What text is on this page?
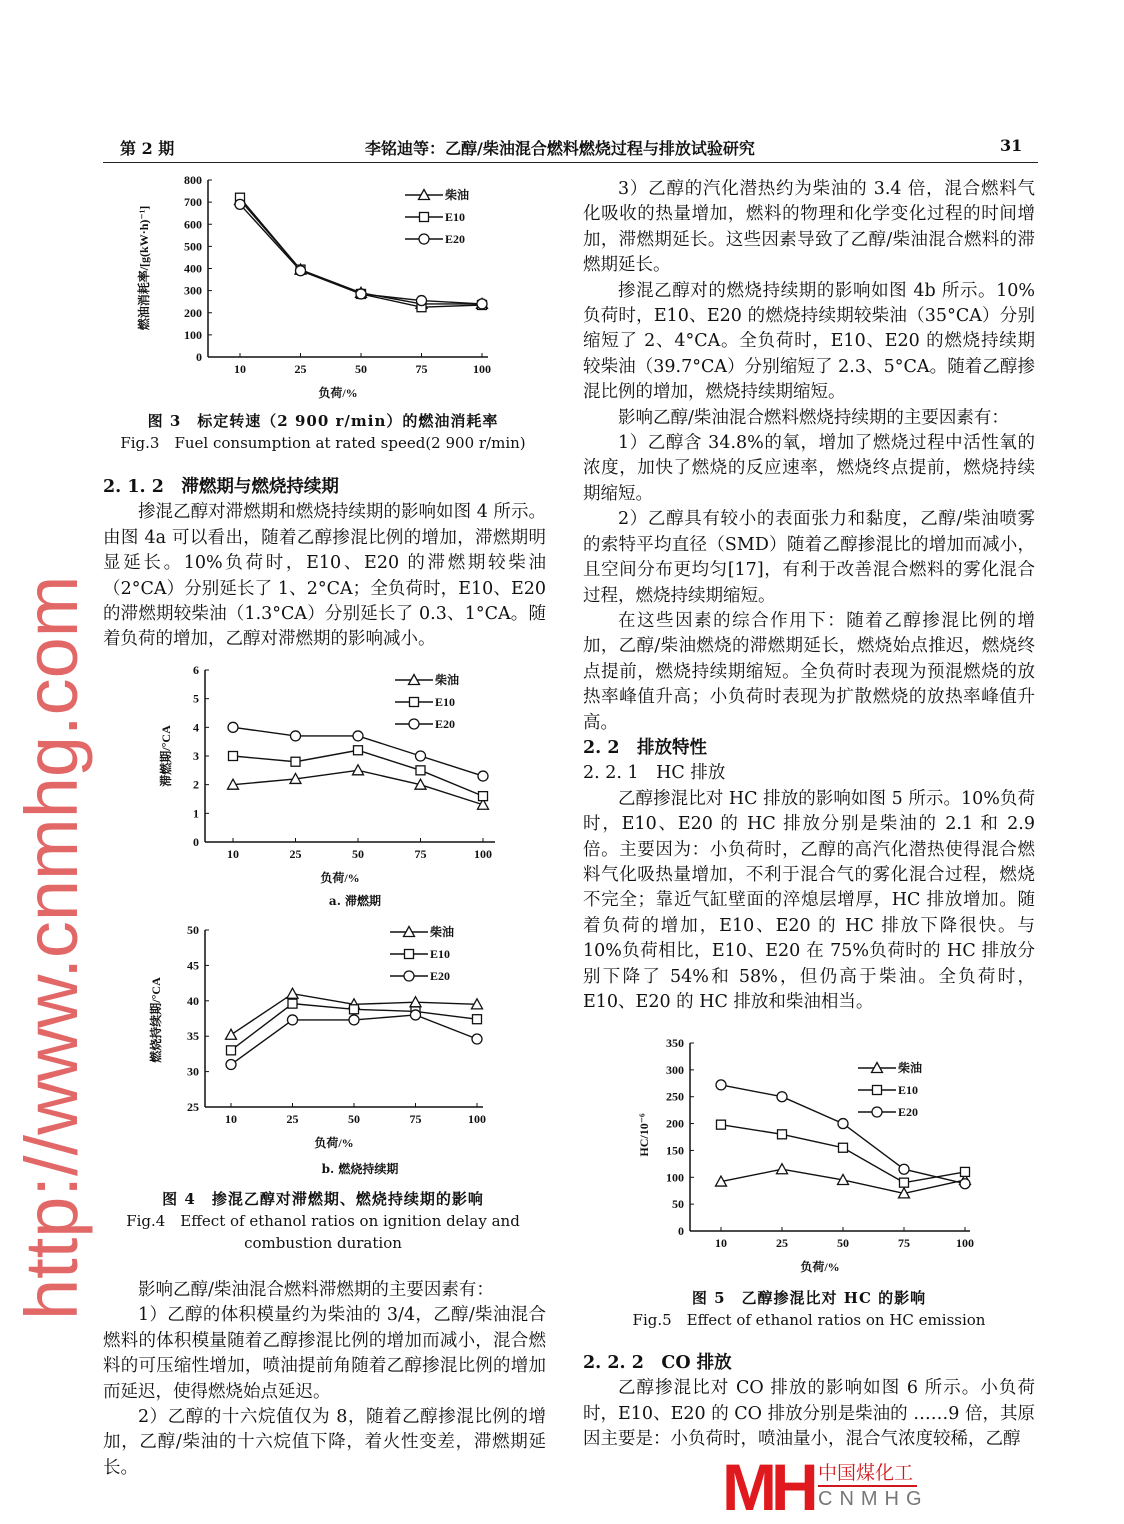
第 2 期	李铭迪等：乙醇/柴油混合燃料燃烧过程与排放试验研究	31
0
100
200
300
400
500
600
700
800
10	25	50	75	100
负荷/%
燃油消耗率/[g(kW·h)⁻¹]
柴油
E10
E20
0
1
2
3
4
5
6
10	25	50	75	100
负荷/%
滞燃期/°CA
柴油
E10
E20
25
30
35
40
45
50
10	25	50	75	100
负荷/%
燃烧持续期/°CA
柴油
E10
E20
0
50
100
150
200
250
300
350
10	25	50	75	100
负荷/%
HC/10⁻⁶
柴油
E10
E20
图 3　标定转速（2 900 r/min）的燃油消耗率
Fig.3　Fuel consumption at rated speed(2 900 r/min)
a. 滞燃期
b. 燃烧持续期
图 4　掺混乙醇对滞燃期、燃烧持续期的影响
Fig.4　Effect of ethanol ratios on ignition delay and combustion duration
图 5　乙醇掺混比对 HC 的影响
Fig.5　Effect of ethanol ratios on HC emission

2. 1. 2　滞燃期与燃烧持续期

掺混乙醇对滞燃期和燃烧持续期的影响如图 4 所示。由图 4a 可以看出，随着乙醇掺混比例的增加，滞燃期明显延长。10%负荷时，E10、E20 的滞燃期较柴油（2°CA）分别延长了 1、2°CA；全负荷时，E10、E20 的滞燃期较柴油（1.3°CA）分别延长了 0.3、1°CA。随着负荷的增加，乙醇对滞燃期的影响减小。

影响乙醇/柴油混合燃料滞燃期的主要因素有：

1）乙醇的体积模量约为柴油的 3/4，乙醇/柴油混合燃料的体积模量随着乙醇掺混比例的增加而减小，混合燃料的可压缩性增加，喷油提前角随着乙醇掺混比例的增加而延迟，使得燃烧始点延迟。

2）乙醇的十六烷值仅为 8，随着乙醇掺混比例的增加，乙醇/柴油的十六烷值下降，着火性变差，滞燃期延长。

3）乙醇的汽化潜热约为柴油的 3.4 倍，混合燃料气化吸收的热量增加，燃料的物理和化学变化过程的时间增加，滞燃期延长。这些因素导致了乙醇/柴油混合燃料的滞燃期延长。

掺混乙醇对的燃烧持续期的影响如图 4b 所示。10%负荷时，E10、E20 的燃烧持续期较柴油（35°CA）分别缩短了 2、4°CA。全负荷时，E10、E20 的燃烧持续期较柴油（39.7°CA）分别缩短了 2.3、5°CA。随着乙醇掺混比例的增加，燃烧持续期缩短。

影响乙醇/柴油混合燃料燃烧持续期的主要因素有：

1）乙醇含 34.8%的氧，增加了燃烧过程中活性氧的浓度，加快了燃烧的反应速率，燃烧终点提前，燃烧持续期缩短。

2）乙醇具有较小的表面张力和黏度，乙醇/柴油喷雾的索特平均直径（SMD）随着乙醇掺混比的增加而减小，且空间分布更均匀[17]，有利于改善混合燃料的雾化混合过程，燃烧持续期缩短。

在这些因素的综合作用下：随着乙醇掺混比例的增加，乙醇/柴油燃烧的滞燃期延长，燃烧始点推迟，燃烧终点提前，燃烧持续期缩短。全负荷时表现为预混燃烧的放热率峰值升高；小负荷时表现为扩散燃烧的放热率峰值升高。

2. 2　排放特性

2. 2. 1　HC 排放

乙醇掺混比对 HC 排放的影响如图 5 所示。10%负荷时，E10、E20 的 HC 排放分别是柴油的 2.1 和 2.9 倍。主要因为：小负荷时，乙醇的高汽化潜热使得混合燃料气化吸热量增加，不利于混合气的雾化混合过程，燃烧不完全；靠近气缸壁面的淬熄层增厚，HC 排放增加。随着负荷的增加，E10、E20 的 HC 排放下降很快。与 10%负荷相比，E10、E20 在 75%负荷时的 HC 排放分别下降了 54%和 58%，但仍高于柴油。全负荷时，E10、E20 的 HC 排放和柴油相当。

2. 2. 2　CO 排放

乙醇掺混比对 CO 排放的影响如图 6 所示。小负荷时，E10、E20 的 CO 排放分别是柴油的 ……9 倍，其原因主要是：小负荷时，喷油量小，混合气浓度较稀，乙醇

http://www.cnmhg.com
MH 中国煤化工
CNMHG
